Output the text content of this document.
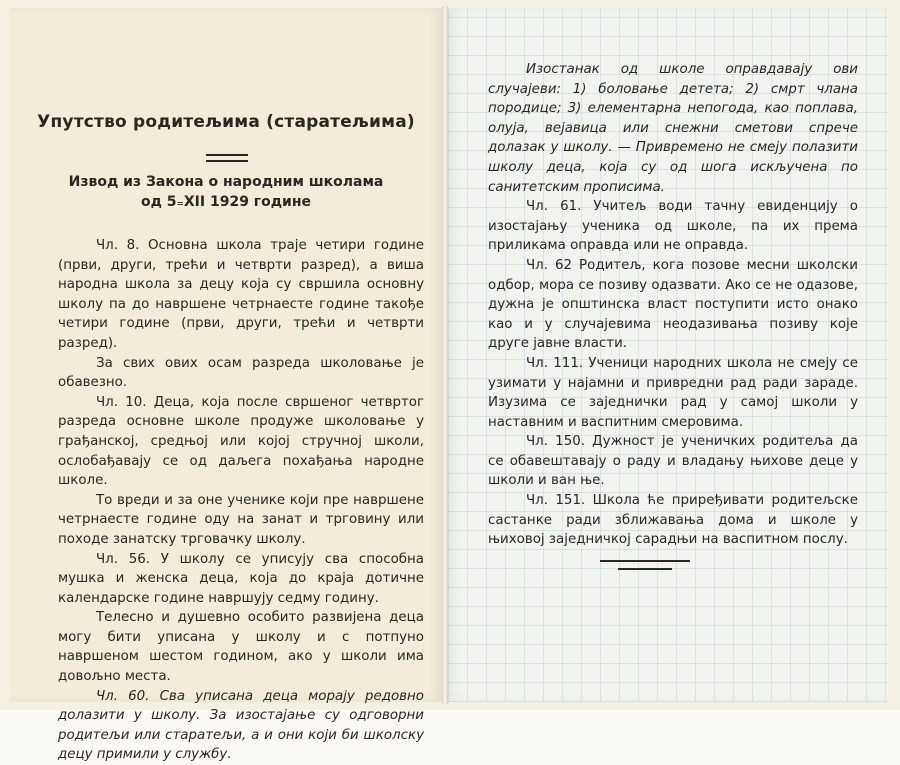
Упутство родитељима (старатељима)
Извод из Закона о народним школама
од 5₌XII 1929 године

Чл. 8. Основна школа траје четири године (први, други, трећи и четврти разред), а виша народна школа за децу која су свршила основну школу па до навршене четрнаесте године такође четири године (први, други, трећи и четврти разред).

За свих ових осам разреда школовање је обавезно.

Чл. 10. Деца, која после свршеног четвртог разреда основне школе продуже школовање у грађанској, средњој или којој стручној школи, ослобађавају се од даљега похађања народне школе.

То вреди и за оне ученике који пре навршене четрнаесте године оду на занат и трговину или походе занатску трговачку школу.

Чл. 56. У школу се уписују сва способна мушка и женска деца, која до краја дотичне календарске године навршују седму годину.

Телесно и душевно особито развијена деца могу бити уписана у школу и с потпуно навршеном шестом годином, ако у школи има довољно места.

Чл. 60. Сва уписана деца морају редовно долазити у школу. За изостајање су одговорни родитељи или старатељи, а и они који би школску децу примили у службу.

Изостанак од школе оправдавају ови случајеви: 1) боловање детета; 2) смрт члана породице; 3) елементарна непогода, као поплава, олуја, вејавица или снежни сметови спрече долазак у школу. — Привремено не смеју полазити школу деца, која су од шога искључена по санитетским прописима.

Чл. 61. Учитељ води тачну евиденцију о изостајању ученика од школе, па их према приликама оправда или не оправда.

Чл. 62 Родитељ, кога позове месни школски одбор, мора се позиву одазвати. Ако се не одазове, дужна је општинска власт поступити исто онако као и у случајевима неодазивања позиву које друге јавне власти.

Чл. 111. Ученици народних школа не смеју се узимати у најамни и привредни рад ради зараде. Изузима се заједнички рад у самој школи у наставним и васпитним смеровима.

Чл. 150. Дужност је ученичких родитеља да се обавештавају о раду и владању њихове деце у школи и ван ње.

Чл. 151. Школа ће приређивати родитељске састанке ради зближавања дома и школе у њиховој заједничкој сарадњи на васпитном послу.
